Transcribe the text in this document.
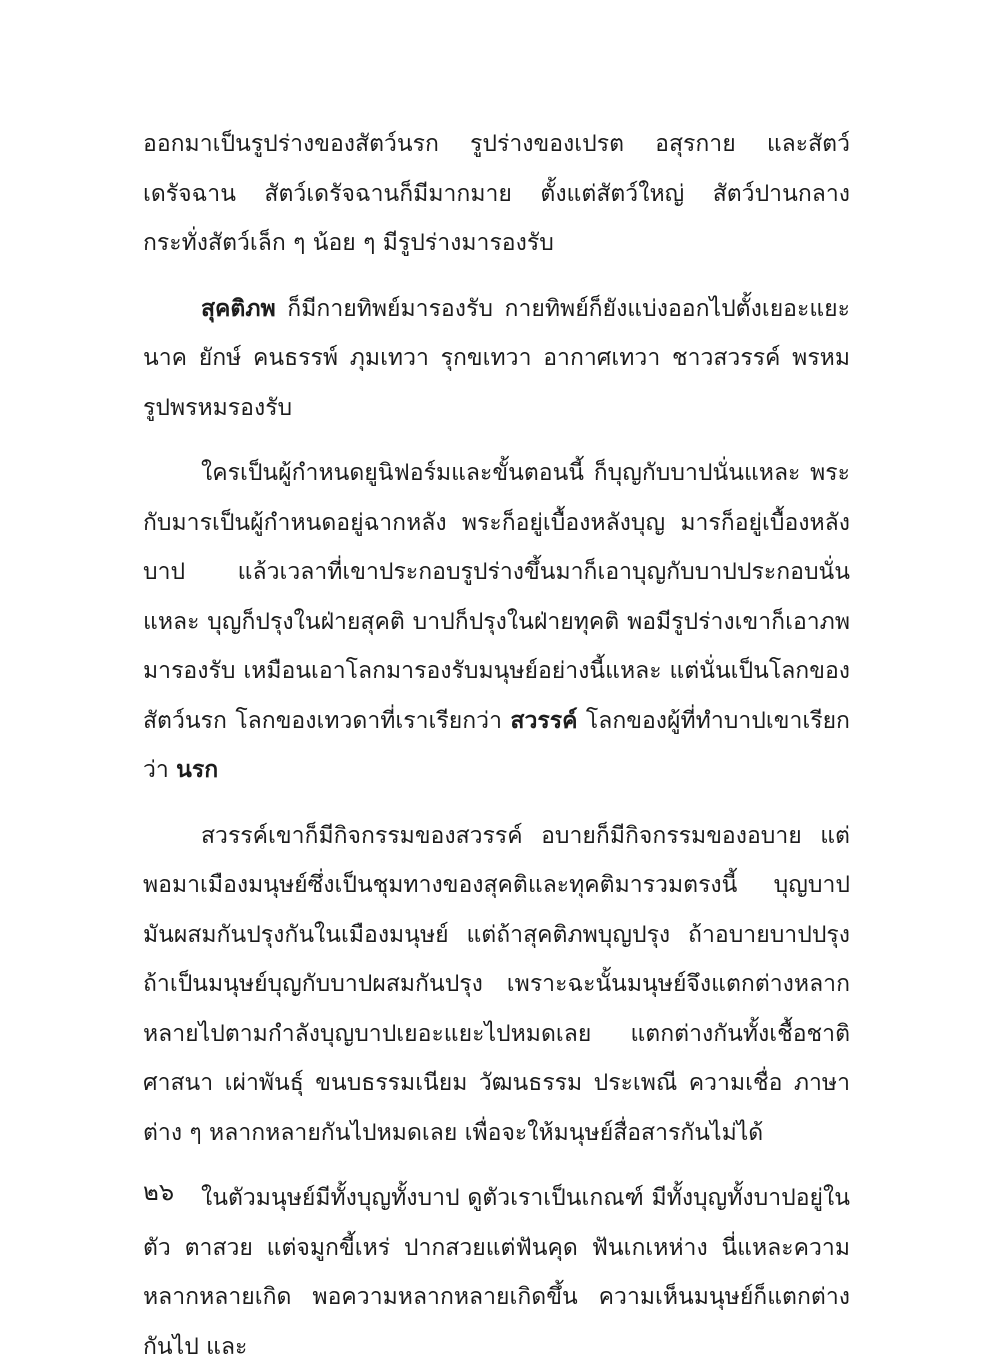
ออกมาเป็นรูปร่างของสัตว์นรก รูปร่างของเปรต อสุรกาย และสัตว์เดรัจฉาน สัตว์เดรัจฉานก็มีมากมาย ตั้งแต่สัตว์ใหญ่ สัตว์ปานกลาง กระทั่งสัตว์เล็ก ๆ น้อย ๆ มีรูปร่างมารองรับ

สุคติภพ ก็มีกายทิพย์มารองรับ กายทิพย์ก็ยังแบ่งออกไปตั้งเยอะแยะ นาค ยักษ์ คนธรรพ์ ภุมเทวา รุกขเทวา อากาศเทวา ชาวสวรรค์ พรหม รูปพรหมรองรับ

ใครเป็นผู้กำหนดยูนิฟอร์มและขั้นตอนนี้ ก็บุญกับบาปนั่นแหละ พระกับมารเป็นผู้กำหนดอยู่ฉากหลัง พระก็อยู่เบื้องหลังบุญ มารก็อยู่เบื้องหลังบาป แล้วเวลาที่เขาประกอบรูปร่างขึ้นมาก็เอาบุญกับบาปประกอบนั่นแหละ บุญก็ปรุงในฝ่ายสุคติ บาปก็ปรุงในฝ่ายทุคติ พอมีรูปร่างเขาก็เอาภพมารองรับ เหมือนเอาโลกมารองรับมนุษย์อย่างนี้แหละ แต่นั่นเป็นโลกของสัตว์นรก โลกของเทวดาที่เราเรียกว่า สวรรค์ โลกของผู้ที่ทำบาปเขาเรียกว่า นรก

สวรรค์เขาก็มีกิจกรรมของสวรรค์ อบายก็มีกิจกรรมของอบาย แต่พอมาเมืองมนุษย์ซึ่งเป็นชุมทางของสุคติและทุคติมารวมตรงนี้ บุญบาปมันผสมกันปรุงกันในเมืองมนุษย์ แต่ถ้าสุคติภพบุญปรุง ถ้าอบายบาปปรุง ถ้าเป็นมนุษย์บุญกับบาปผสมกันปรุง เพราะฉะนั้นมนุษย์จึงแตกต่างหลากหลายไปตามกำลังบุญบาปเยอะแยะไปหมดเลย แตกต่างกันทั้งเชื้อชาติ ศาสนา เผ่าพันธุ์ ขนบธรรมเนียม วัฒนธรรม ประเพณี ความเชื่อ ภาษาต่าง ๆ หลากหลายกันไปหมดเลย เพื่อจะให้มนุษย์สื่อสารกันไม่ได้

ในตัวมนุษย์มีทั้งบุญทั้งบาป ดูตัวเราเป็นเกณฑ์ มีทั้งบุญทั้งบาปอยู่ในตัว ตาสวย แต่จมูกขี้เหร่ ปากสวยแต่ฟันคุด ฟันเกเหห่าง นี่แหละความหลากหลายเกิด พอความหลากหลายเกิดขึ้น ความเห็นมนุษย์ก็แตกต่างกันไป และ

๒๖
